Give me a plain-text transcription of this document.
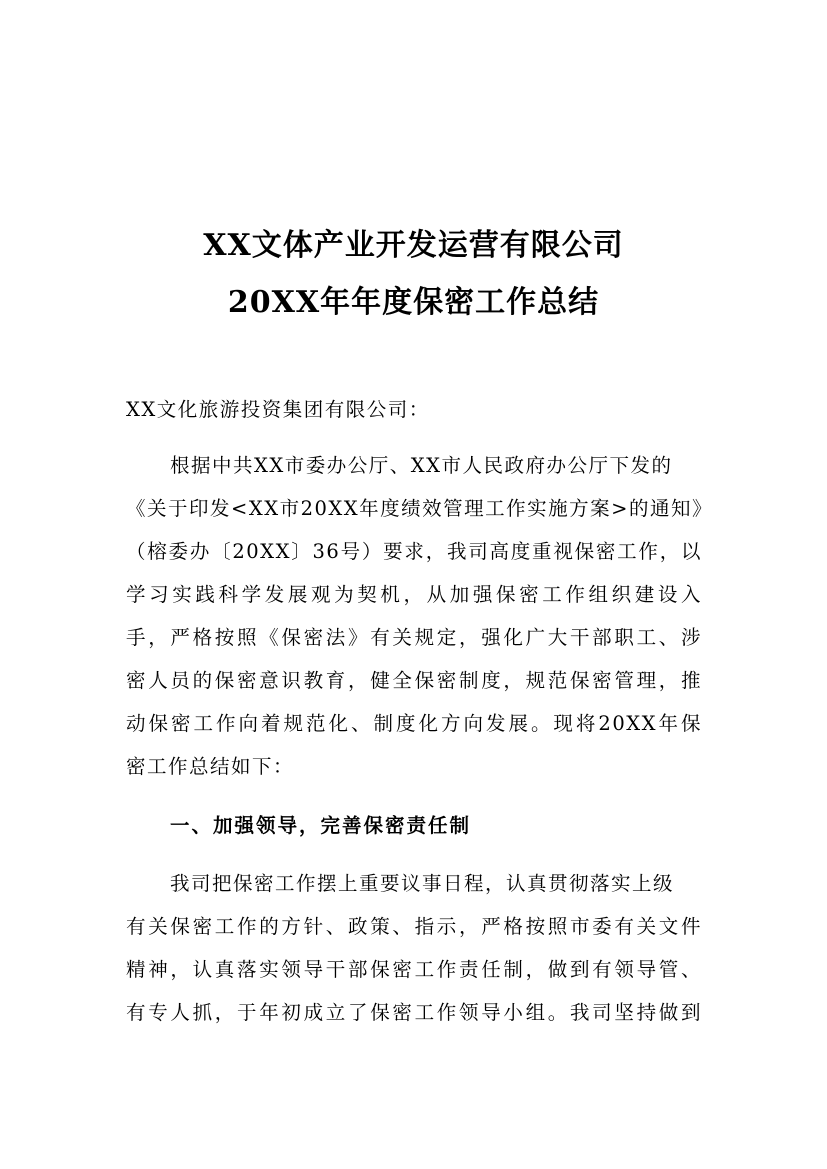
XX文体产业开发运营有限公司
20XX年年度保密工作总结
XX文化旅游投资集团有限公司：
根据中共XX市委办公厅、XX市人民政府办公厅下发的
《关于印发<XX市20XX年度绩效管理工作实施方案>的通知》
（榕委办〔20XX〕36号）要求，我司高度重视保密工作，以
学习实践科学发展观为契机，从加强保密工作组织建设入
手，严格按照《保密法》有关规定，强化广大干部职工、涉
密人员的保密意识教育，健全保密制度，规范保密管理，推
动保密工作向着规范化、制度化方向发展。现将20XX年保
密工作总结如下：
一、加强领导，完善保密责任制
我司把保密工作摆上重要议事日程，认真贯彻落实上级
有关保密工作的方针、政策、指示，严格按照市委有关文件
精神，认真落实领导干部保密工作责任制，做到有领导管、
有专人抓，于年初成立了保密工作领导小组。我司坚持做到
